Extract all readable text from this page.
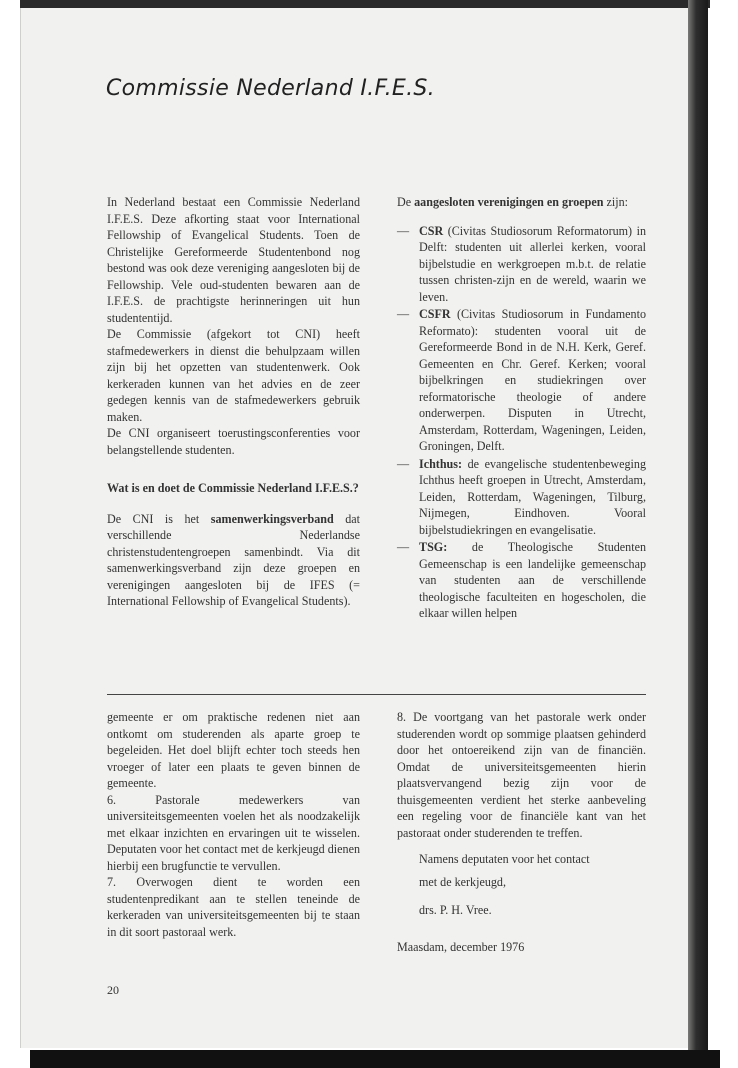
Commissie Nederland I.F.E.S.

In Nederland bestaat een Commissie Nederland I.F.E.S. Deze afkorting staat voor International Fellowship of Evangelical Students. Toen de Christelijke Gereformeerde Studentenbond nog bestond was ook deze vereniging aangesloten bij de Fellowship. Vele oud-studenten bewaren aan de I.F.E.S. de prachtigste herinneringen uit hun studententijd.

De Commissie (afgekort tot CNI) heeft stafmedewerkers in dienst die behulpzaam willen zijn bij het opzetten van studentenwerk. Ook kerkeraden kunnen van het advies en de zeer gedegen kennis van de stafmedewerkers gebruik maken.

De CNI organiseert toerustingsconferenties voor belangstellende studenten.

Wat is en doet de Commissie Nederland I.F.E.S.?

De CNI is het samenwerkingsverband dat verschillende Nederlandse christenstudentengroepen samenbindt. Via dit samenwerkingsverband zijn deze groepen en verenigingen aangesloten bij de IFES (= International Fellowship of Evangelical Students).

De aangesloten verenigingen en groepen zijn:

— CSR (Civitas Studiosorum Reformatorum) in Delft: studenten uit allerlei kerken, vooral bijbelstudie en werkgroepen m.b.t. de relatie tussen christen-zijn en de wereld, waarin we leven.
— CSFR (Civitas Studiosorum in Fundamento Reformato): studenten vooral uit de Gereformeerde Bond in de N.H. Kerk, Geref. Gemeenten en Chr. Geref. Kerken; vooral bijbelkringen en studiekringen over reformatorische theologie of andere onderwerpen. Disputen in Utrecht, Amsterdam, Rotterdam, Wageningen, Leiden, Groningen, Delft.
— Ichthus: de evangelische studentenbeweging Ichthus heeft groepen in Utrecht, Amsterdam, Leiden, Rotterdam, Wageningen, Tilburg, Nijmegen, Eindhoven. Vooral bijbelstudiekringen en evangelisatie.
— TSG: de Theologische Studenten Gemeenschap is een landelijke gemeenschap van studenten aan de verschillende theologische faculteiten en hogescholen, die elkaar willen helpen

gemeente er om praktische redenen niet aan ontkomt om studerenden als aparte groep te begeleiden. Het doel blijft echter toch steeds hen vroeger of later een plaats te geven binnen de gemeente.

6. Pastorale medewerkers van universiteitsgemeenten voelen het als noodzakelijk met elkaar inzichten en ervaringen uit te wisselen. Deputaten voor het contact met de kerkjeugd dienen hierbij een brugfunctie te vervullen.

7. Overwogen dient te worden een studentenpredikant aan te stellen teneinde de kerkeraden van universiteitsgemeenten bij te staan in dit soort pastoraal werk.

8. De voortgang van het pastorale werk onder studerenden wordt op sommige plaatsen gehinderd door het ontoereikend zijn van de financiën. Omdat de universiteitsgemeenten hierin plaatsvervangend bezig zijn voor de thuisgemeenten verdient het sterke aanbeveling een regeling voor de financiële kant van het pastoraat onder studerenden te treffen.

Namens deputaten voor het contact

met de kerkjeugd,

drs. P. H. Vree.

Maasdam, december 1976

20
